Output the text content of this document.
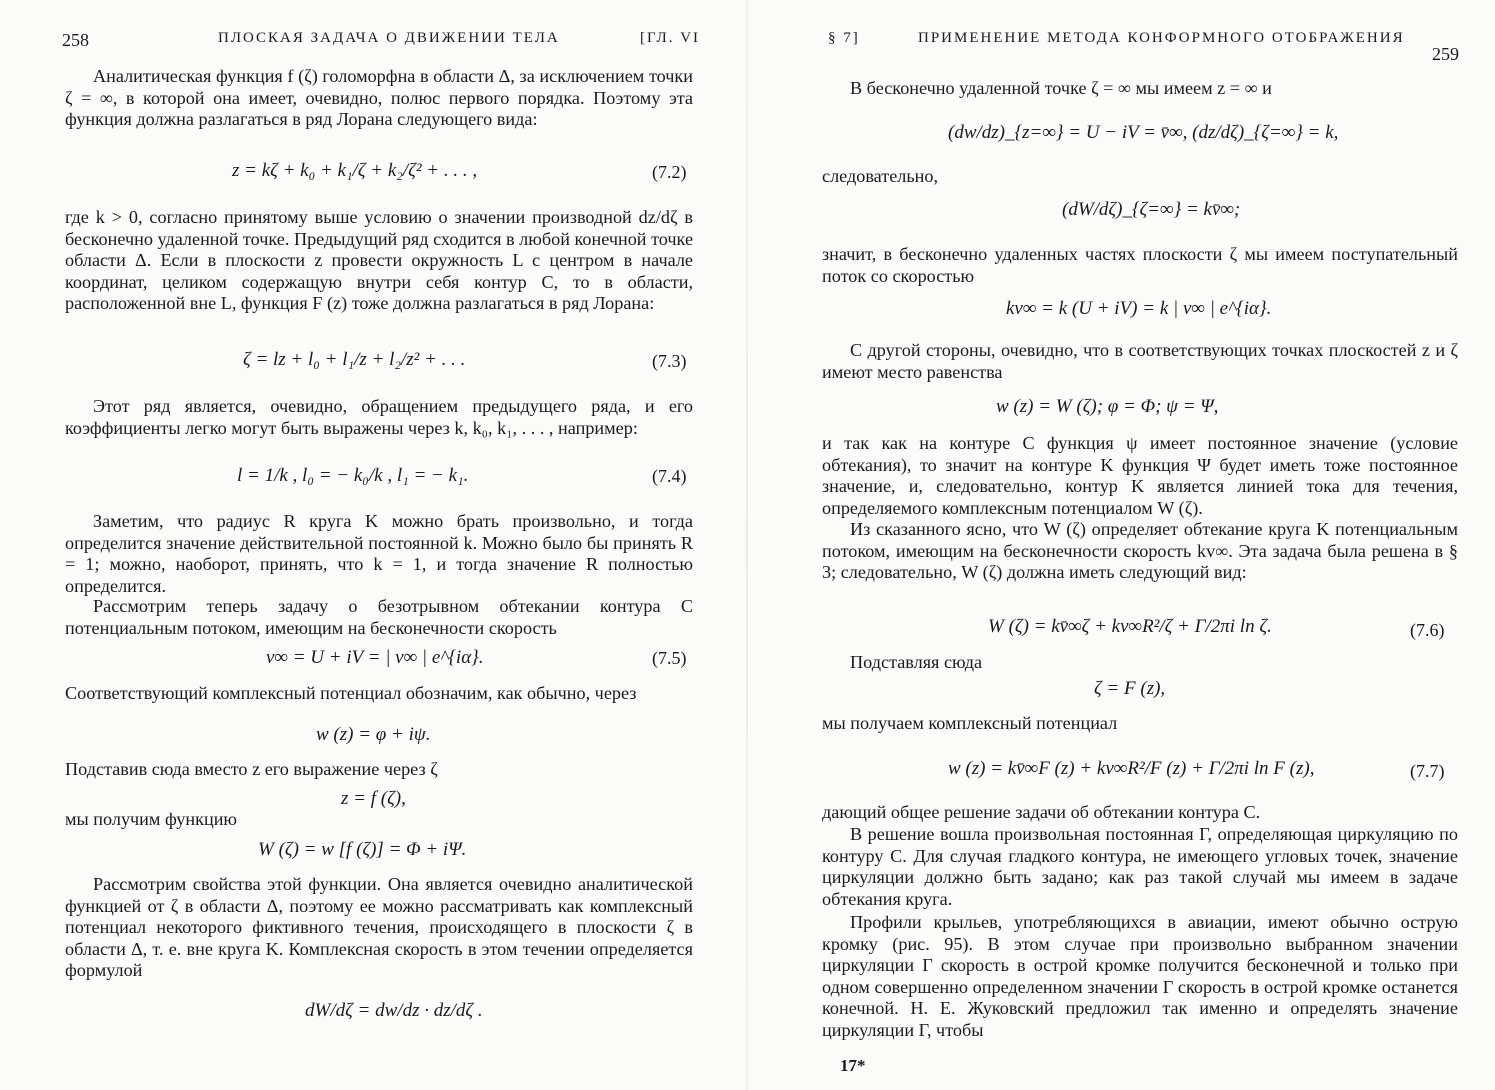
258	ПЛОСКАЯ ЗАДАЧА О ДВИЖЕНИИ ТЕЛА	[ГЛ. VI
Аналитическая функция f (ζ) голоморфна в области Δ, за исключением точки ζ = ∞, в которой она имеет, очевидно, полюс первого порядка. Поэтому эта функция должна разлагаться в ряд Лорана следующего вида:
z = kζ + k₀ + k₁/ζ + k₂/ζ² + . . . ,	(7.2)
где k > 0, согласно принятому выше условию о значении производной dz/dζ в бесконечно удаленной точке. Предыдущий ряд сходится в любой конечной точке области Δ. Если в плоскости z провести окружность L с центром в начале координат, целиком содержащую внутри себя контур C, то в области, расположенной вне L, функция F (z) тоже должна разлагаться в ряд Лорана:
ζ = lz + l₀ + l₁/z + l₂/z² + . . .	(7.3)
Этот ряд является, очевидно, обращением предыдущего ряда, и его коэффициенты легко могут быть выражены через k, k₀, k₁, . . . , например:
l = 1/k , l₀ = − k₀/k , l₁ = − k₁.	(7.4)
Заметим, что радиус R круга K можно брать произвольно, и тогда определится значение действительной постоянной k. Можно было бы принять R = 1; можно, наоборот, принять, что k = 1, и тогда значение R полностью определится.
Рассмотрим теперь задачу о безотрывном обтекании контура C потенциальным потоком, имеющим на бесконечности скорость
v∞ = U + iV = | v∞ | e^{iα}.	(7.5)
Соответствующий комплексный потенциал обозначим, как обычно, через
w (z) = φ + iψ.
Подставив сюда вместо z его выражение через ζ
z = f (ζ),
мы получим функцию
W (ζ) = w [f (ζ)] = Φ + iΨ.
Рассмотрим свойства этой функции. Она является очевидно аналитической функцией от ζ в области Δ, поэтому ее можно рассматривать как комплексный потенциал некоторого фиктивного течения, происходящего в плоскости ζ в области Δ, т. е. вне круга K. Комплексная скорость в этом течении определяется формулой
dW/dζ = dw/dz · dz/dζ .
§ 7]	ПРИМЕНЕНИЕ МЕТОДА КОНФОРМНОГО ОТОБРАЖЕНИЯ
259
В бесконечно удаленной точке ζ = ∞ мы имеем z = ∞ и
(dw/dz)_{z=∞} = U − iV = v̄∞, (dz/dζ)_{ζ=∞} = k,
следовательно,
(dW/dζ)_{ζ=∞} = kv̄∞;
значит, в бесконечно удаленных частях плоскости ζ мы имеем поступательный поток со скоростью
kv∞ = k (U + iV) = k | v∞ | e^{iα}.
С другой стороны, очевидно, что в соответствующих точках плоскостей z и ζ имеют место равенства
w (z) = W (ζ); φ = Φ; ψ = Ψ,
и так как на контуре C функция ψ имеет постоянное значение (условие обтекания), то значит на контуре K функция Ψ будет иметь тоже постоянное значение, и, следовательно, контур K является линией тока для течения, определяемого комплексным потенциалом W (ζ).
Из сказанного ясно, что W (ζ) определяет обтекание круга K потенциальным потоком, имеющим на бесконечности скорость kv∞. Эта задача была решена в § 3; следовательно, W (ζ) должна иметь следующий вид:
W (ζ) = kv̄∞ζ + kv∞R²/ζ + Γ/2πi ln ζ.	(7.6)
Подставляя сюда
ζ = F (z),
мы получаем комплексный потенциал
w (z) = kv̄∞F (z) + kv∞R²/F (z) + Γ/2πi ln F (z),	(7.7)
дающий общее решение задачи об обтекании контура C.
В решение вошла произвольная постоянная Γ, определяющая циркуляцию по контуру C. Для случая гладкого контура, не имеющего угловых точек, значение циркуляции должно быть задано; как раз такой случай мы имеем в задаче обтекания круга.
Профили крыльев, употребляющихся в авиации, имеют обычно острую кромку (рис. 95). В этом случае при произвольно выбранном значении циркуляции Γ скорость в острой кромке получится бесконечной и только при одном совершенно определенном значении Γ скорость в острой кромке останется конечной. Н. Е. Жуковский предложил так именно и определять значение циркуляции Γ, чтобы
17*
